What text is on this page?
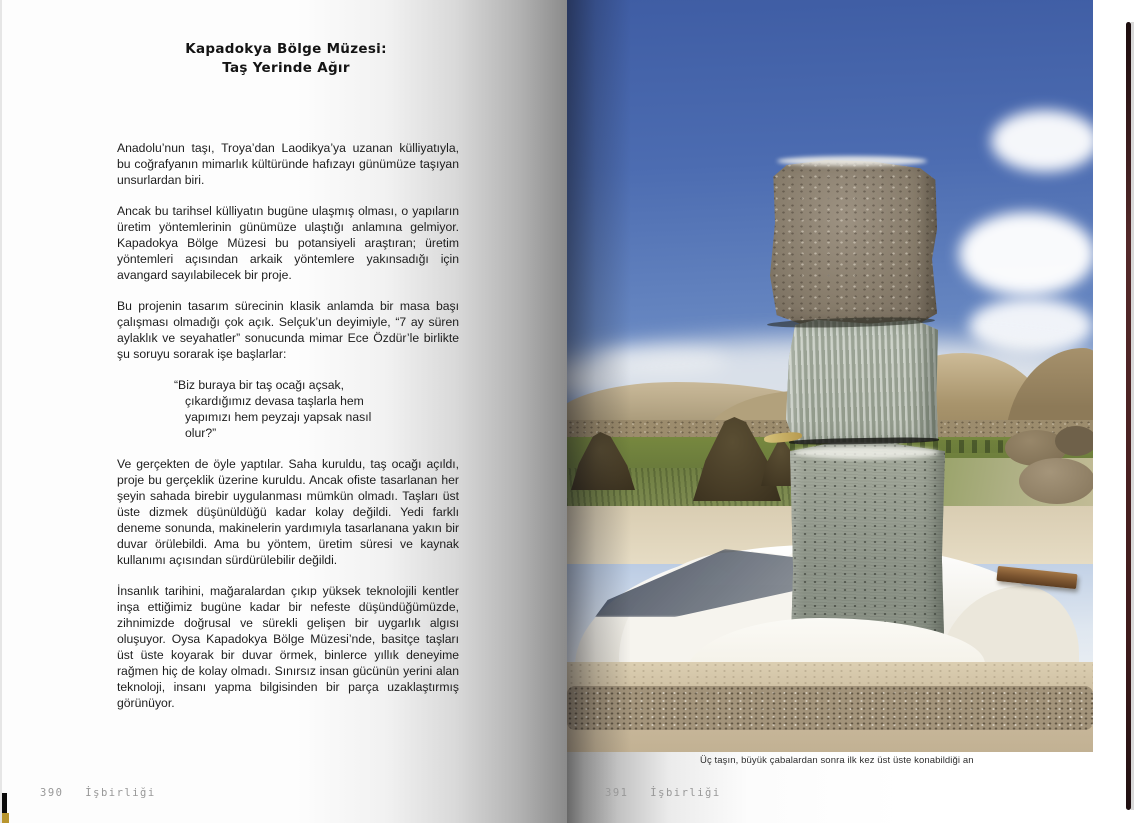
Kapadokya Bölge Müzesi:
Taş Yerinde Ağır

Anadolu’nun taşı, Troya’dan Laodikya’ya uzanan külliyatıyla, bu coğrafyanın mimarlık kültüründe hafızayı günümüze taşıyan unsurlardan biri.

Ancak bu tarihsel külliyatın bugüne ulaşmış olması, o yapıların üretim yöntemlerinin günümüze ulaştığı anlamına gelmiyor. Kapadokya Bölge Müzesi bu potansiyeli araştıran; üretim yöntemleri açısından arkaik yöntemlere yakınsadığı için avangard sayılabilecek bir proje.

Bu projenin tasarım sürecinin klasik anlamda bir masa başı çalışması olmadığı çok açık. Selçuk’un deyimiyle, “7 ay süren aylaklık ve seyahatler” sonucunda mimar Ece Özdür’le birlikte şu soruyu sorarak işe başlarlar:

“Biz buraya bir taş ocağı açsak, çıkardığımız devasa taşlarla hem yapımızı hem peyzajı yapsak nasıl olur?”

Ve gerçekten de öyle yaptılar. Saha kuruldu, taş ocağı açıldı, proje bu gerçeklik üzerine kuruldu. Ancak ofiste tasarlanan her şeyin sahada birebir uygulanması mümkün olmadı. Taşları üst üste dizmek düşünüldüğü kadar kolay değildi. Yedi farklı deneme sonunda, makinelerin yardımıyla tasarlanana yakın bir duvar örülebildi. Ama bu yöntem, üretim süresi ve kaynak kullanımı açısından sürdürülebilir değildi.

İnsanlık tarihini, mağaralardan çıkıp yüksek teknolojili kentler inşa ettiğimiz bugüne kadar bir nefeste düşündüğümüzde, zihnimizde doğrusal ve sürekli gelişen bir uygarlık algısı oluşuyor. Oysa Kapadokya Bölge Müzesi’nde, basitçe taşları üst üste koyarak bir duvar örmek, binlerce yıllık deneyime rağmen hiç de kolay olmadı. Sınırsız insan gücünün yerini alan teknoloji, insanı yapma bilgisinden bir parça uzaklaştırmış görünüyor.

390 İşbirliği
Üç taşın, büyük çabalardan sonra ilk kez üst üste konabildiği an
391 İşbirliği
